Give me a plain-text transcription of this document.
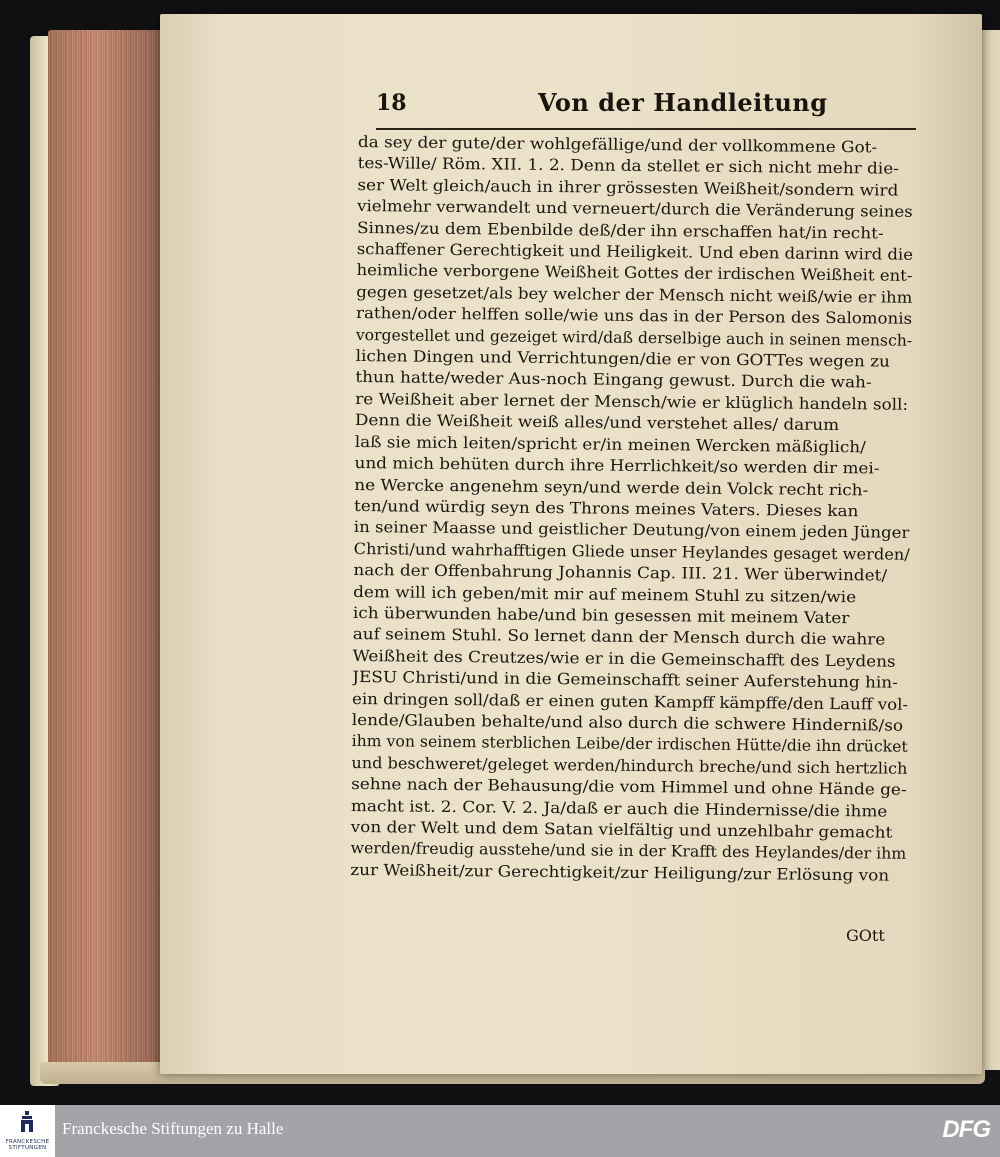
18	Von der Handleitung
da sey der gute/der wohlgefällige/und der vollkommene Got-
tes-Wille/ Röm. XII. 1. 2. Denn da stellet er sich nicht mehr die-
ser Welt gleich/auch in ihrer grössesten Weißheit/sondern wird
vielmehr verwandelt und verneuert/durch die Veränderung seines
Sinnes/zu dem Ebenbilde deß/der ihn erschaffen hat/in recht-
schaffener Gerechtigkeit und Heiligkeit. Und eben darinn wird die
heimliche verborgene Weißheit Gottes der irdischen Weißheit ent-
gegen gesetzet/als bey welcher der Mensch nicht weiß/wie er ihm
rathen/oder helffen solle/wie uns das in der Person des Salomonis
vorgestellet und gezeiget wird/daß derselbige auch in seinen mensch-
lichen Dingen und Verrichtungen/die er von GOTTes wegen zu
thun hatte/weder Aus-noch Eingang gewust. Durch die wah-
re Weißheit aber lernet der Mensch/wie er klüglich handeln soll:
Denn die Weißheit weiß alles/und verstehet alles/ darum
laß sie mich leiten/spricht er/in meinen Wercken mäßiglich/
und mich behüten durch ihre Herrlichkeit/so werden dir mei-
ne Wercke angenehm seyn/und werde dein Volck recht rich-
ten/und würdig seyn des Throns meines Vaters. Dieses kan
in seiner Maasse und geistlicher Deutung/von einem jeden Jünger
Christi/und wahrhafftigen Gliede unser Heylandes gesaget werden/
nach der Offenbahrung Johannis Cap. III. 21. Wer überwindet/
dem will ich geben/mit mir auf meinem Stuhl zu sitzen/wie
ich überwunden habe/und bin gesessen mit meinem Vater
auf seinem Stuhl. So lernet dann der Mensch durch die wahre
Weißheit des Creutzes/wie er in die Gemeinschafft des Leydens
JESU Christi/und in die Gemeinschafft seiner Auferstehung hin-
ein dringen soll/daß er einen guten Kampff kämpffe/den Lauff vol-
lende/Glauben behalte/und also durch die schwere Hinderniß/so
ihm von seinem sterblichen Leibe/der irdischen Hütte/die ihn drücket
und beschweret/geleget werden/hindurch breche/und sich hertzlich
sehne nach der Behausung/die vom Himmel und ohne Hände ge-
macht ist. 2. Cor. V. 2. Ja/daß er auch die Hindernisse/die ihme
von der Welt und dem Satan vielfältig und unzehlbahr gemacht
werden/freudig ausstehe/und sie in der Krafft des Heylandes/der ihm
zur Weißheit/zur Gerechtigkeit/zur Heiligung/zur Erlösung von
GOtt
FRANCKESCHE
STIFTUNGEN
Franckesche Stiftungen zu Halle	DFG
